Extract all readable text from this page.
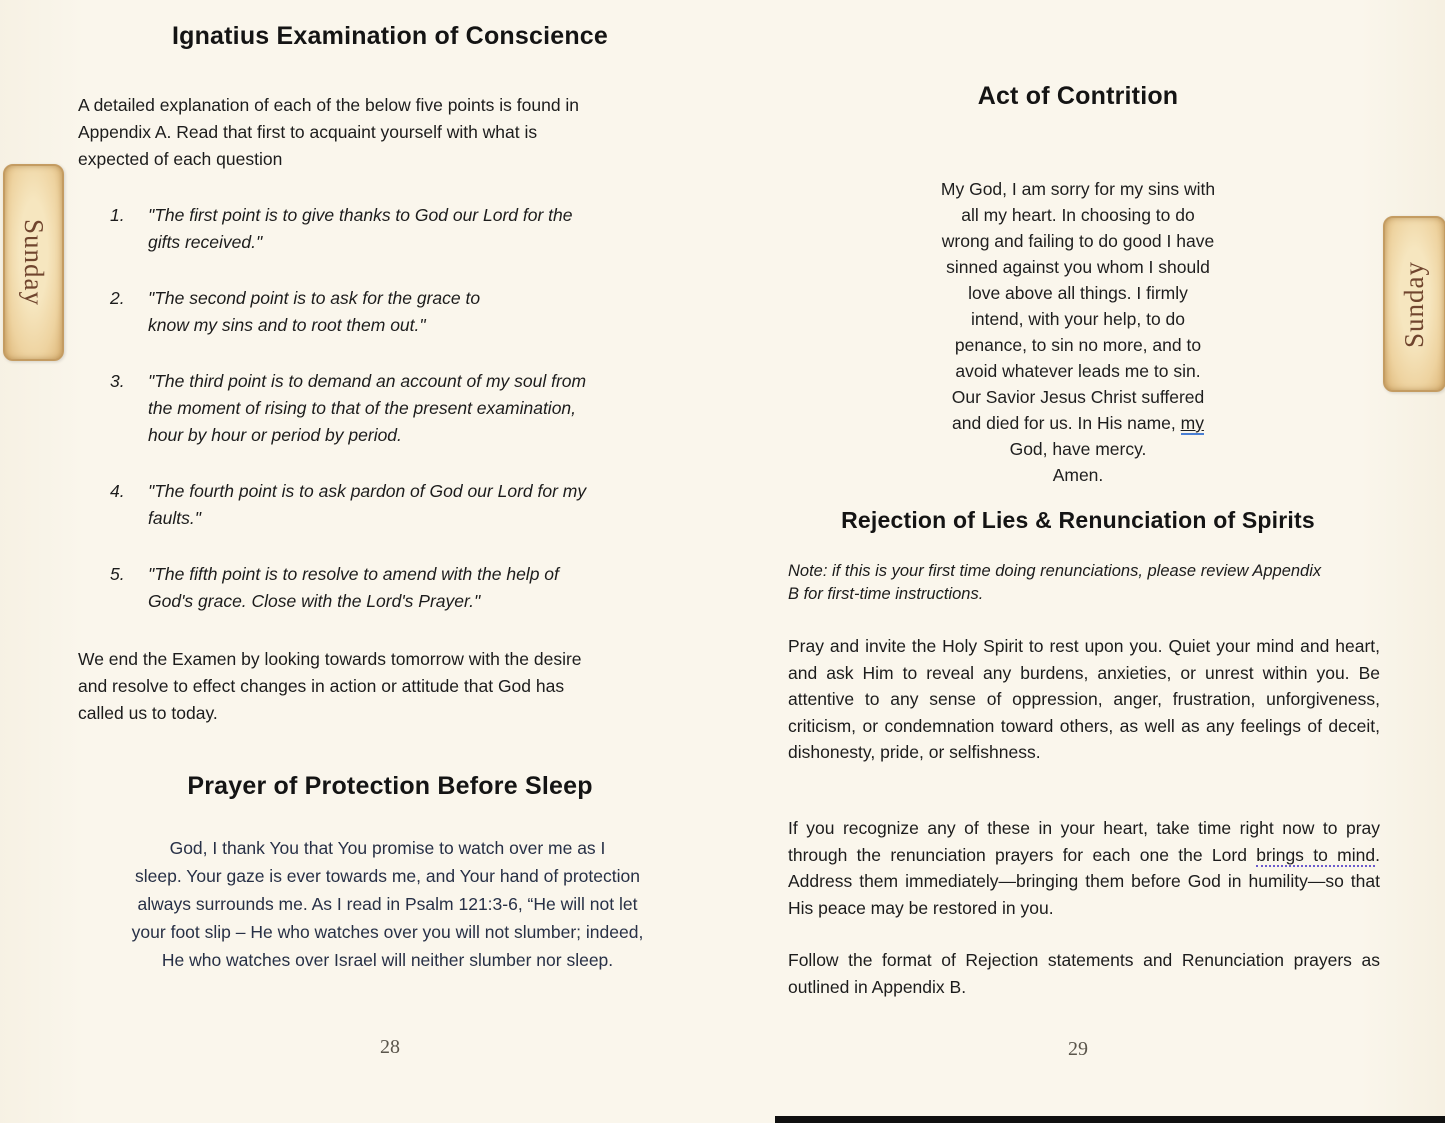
Ignatius Examination of Conscience
A detailed explanation of each of the below five points is found in
Appendix A. Read that first to acquaint yourself with what is
expected of each question
1.	"The first point is to give thanks to God our Lord for the
gifts received."
2.	"The second point is to ask for the grace to
know my sins and to root them out."
3.	"The third point is to demand an account of my soul from
the moment of rising to that of the present examination,
hour by hour or period by period.
4.	"The fourth point is to ask pardon of God our Lord for my
faults."
5.	"The fifth point is to resolve to amend with the help of
God's grace. Close with the Lord's Prayer."
We end the Examen by looking towards tomorrow with the desire
and resolve to effect changes in action or attitude that God has
called us to today.
Prayer of Protection Before Sleep
God, I thank You that You promise to watch over me as I
sleep. Your gaze is ever towards me, and Your hand of protection
always surrounds me. As I read in Psalm 121:3-6, “He will not let
your foot slip – He who watches over you will not slumber; indeed,
He who watches over Israel will neither slumber nor sleep.
28
Sunday
Act of Contrition

My God, I am sorry for my sins with
all my heart. In choosing to do
wrong and failing to do good I have
sinned against you whom I should
love above all things. I firmly
intend, with your help, to do
penance, to sin no more, and to
avoid whatever leads me to sin.
Our Savior Jesus Christ suffered
and died for us. In His name, my
God, have mercy.
Amen.

Rejection of Lies & Renunciation of Spirits
Note: if this is your first time doing renunciations, please review Appendix
B for first-time instructions.
Pray and invite the Holy Spirit to rest upon you. Quiet your mind and heart, and ask Him to reveal any burdens, anxieties, or unrest within you. Be attentive to any sense of oppression, anger, frustration, unforgiveness, criticism, or condemnation toward others, as well as any feelings of deceit, dishonesty, pride, or selfishness.
If you recognize any of these in your heart, take time right now to pray through the renunciation prayers for each one the Lord brings to mind. Address them immediately—bringing them before God in humility—so that His peace may be restored in you.
Follow the format of Rejection statements and Renunciation prayers as outlined in Appendix B.
29
Sunday
